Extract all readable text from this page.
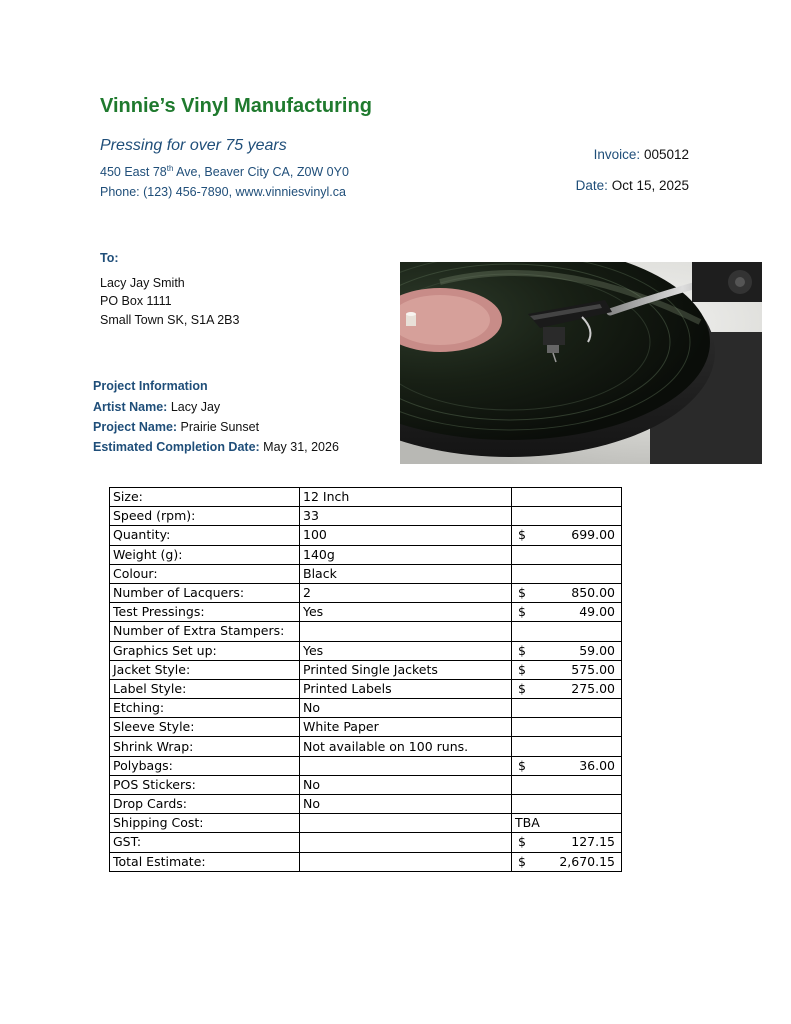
Vinnie’s Vinyl Manufacturing
Pressing for over 75 years
450 East 78th Ave, Beaver City CA, Z0W 0Y0
Phone: (123) 456-7890, www.vinniesvinyl.ca
Invoice: 005012
Date: Oct 15, 2025
To:
Lacy Jay Smith
PO Box 1111
Small Town SK, S1A 2B3
Project Information
Artist Name: Lacy Jay
Project Name: Prairie Sunset
Estimated Completion Date: May 31, 2026
Size:	12 Inch	
Speed (rpm):	33	
Quantity:	100	$ 699.00

Weight (g):	140g	
Colour:	Black	
Number of Lacquers:	2	$ 850.00

Test Pressings:	Yes	$ 49.00

Number of Extra Stampers:		
Graphics Set up:	Yes	$ 59.00

Jacket Style:	Printed Single Jackets	$ 575.00

Label Style:	Printed Labels	$ 275.00

Etching:	No	
Sleeve Style:	White Paper	
Shrink Wrap:	Not available on 100 runs.	
Polybags:		$ 36.00

POS Stickers:	No	
Drop Cards:	No	
Shipping Cost:		TBA
GST:		$ 127.15

Total Estimate:		$ 2,670.15
